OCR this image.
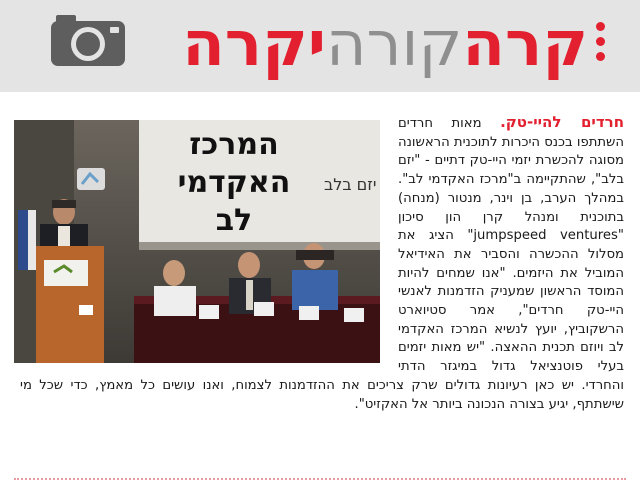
קרהקורהיקרה
המרכז
האקדמי
לב
יזם בלב
חרדים להיי-טק. מאות חרדים השתתפו בכנס היכרות לתוכנית הראשונה מסוגה להכשרת יזמי היי-טק דתיים - "יזם בלב", שהתקיימה ב"מרכז האקדמי לב". במהלך הערב, בן וינר, מנטור (מנחה) בתוכנית ומנהל קרן הון סיכון "jumpspeed ventures" הציג את מסלול ההכשרה והסביר את האידיאל המוביל את היזמים. "אנו שמחים להיות המוסד הראשון שמעניק הזדמנות לאנשי היי-טק חרדים", אמר סטיוארט הרשקוביץ, יועץ לנשיא המרכז האקדמי לב ויוזם תכנית ההאצה. "יש מאות יזמים בעלי פוטנציאל גדול במיגזר הדתי והחרדי. יש כאן רעיונות גדולים שרק צריכים את ההזדמנות לצמוח, ואנו עושים כל מאמץ, כדי שכל מי שישתתף, יגיע בצורה הנכונה ביותר אל האקזיט".
